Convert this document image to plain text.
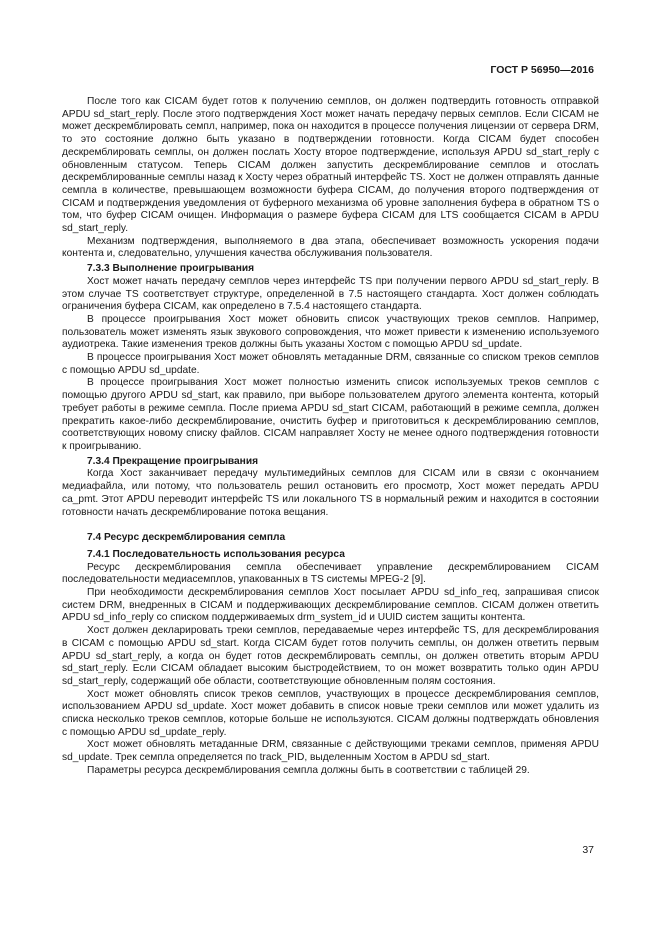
ГОСТ Р 56950—2016

После того как CICAM будет готов к получению семплов, он должен подтвердить готовность отправкой APDU sd_start_reply. После этого подтверждения Хост может начать передачу первых семплов. Если CICAM не может дескремблировать семпл, например, пока он находится в процессе получения лицензии от сервера DRM, то это состояние должно быть указано в подтверждении готовности. Когда CICAM будет способен дескремблировать семплы, он должен послать Хосту второе подтверждение, используя APDU sd_start_reply с обновленным статусом. Теперь CICAM должен запустить дескремблирование семплов и отослать дескремблированные семплы назад к Хосту через обратный интерфейс TS. Хост не должен отправлять данные семпла в количестве, превышающем возможности буфера CICAM, до получения второго подтверждения от CICAM и подтверждения уведомления от буферного механизма об уровне заполнения буфера в обратном TS о том, что буфер CICAM очищен. Информация о размере буфера CICAM для LTS сообщается CICAM в APDU sd_start_reply.

Механизм подтверждения, выполняемого в два этапа, обеспечивает возможность ускорения подачи контента и, следовательно, улучшения качества обслуживания пользователя.

7.3.3 Выполнение проигрывания

Хост может начать передачу семплов через интерфейс TS при получении первого APDU sd_start_reply. В этом случае TS соответствует структуре, определенной в 7.5 настоящего стандарта. Хост должен соблюдать ограничения буфера CICAM, как определено в 7.5.4 настоящего стандарта.

В процессе проигрывания Хост может обновить список участвующих треков семплов. Например, пользователь может изменять язык звукового сопровождения, что может привести к изменению используемого аудиотрека. Такие изменения треков должны быть указаны Хостом с помощью APDU sd_update.

В процессе проигрывания Хост может обновлять метаданные DRM, связанные со списком треков семплов с помощью APDU sd_update.

В процессе проигрывания Хост может полностью изменить список используемых треков семплов с помощью другого APDU sd_start, как правило, при выборе пользователем другого элемента контента, который требует работы в режиме семпла. После приема APDU sd_start CICAM, работающий в режиме семпла, должен прекратить какое-либо дескремблирование, очистить буфер и приготовиться к дескремблированию семплов, соответствующих новому списку файлов. CICAM направляет Хосту не менее одного подтверждения готовности к проигрыванию.

7.3.4 Прекращение проигрывания

Когда Хост заканчивает передачу мультимедийных семплов для CICAM или в связи с окончанием медиафайла, или потому, что пользователь решил остановить его просмотр, Хост может передать APDU ca_pmt. Этот APDU переводит интерфейс TS или локального TS в нормальный режим и находится в состоянии готовности начать дескремблирование потока вещания.

7.4 Ресурс дескремблирования семпла

7.4.1 Последовательность использования ресурса

Ресурс дескремблирования семпла обеспечивает управление дескремблированием CICAM последовательности медиасемплов, упакованных в TS системы MPEG-2 [9].

При необходимости дескремблирования семплов Хост посылает APDU sd_info_req, запрашивая список систем DRM, внедренных в CICAM и поддерживающих дескремблирование семплов. CICAM должен ответить APDU sd_info_reply со списком поддерживаемых drm_system_id и UUID систем защиты контента.

Хост должен декларировать треки семплов, передаваемые через интерфейс TS, для дескремблирования в CICAM с помощью APDU sd_start. Когда CICAM будет готов получить семплы, он должен ответить первым APDU sd_start_reply, а когда он будет готов дескремблировать семплы, он должен ответить вторым APDU sd_start_reply. Если CICAM обладает высоким быстродействием, то он может возвратить только один APDU sd_start_reply, содержащий обе области, соответствующие обновленным полям состояния.

Хост может обновлять список треков семплов, участвующих в процессе дескремблирования семплов, использованием APDU sd_update. Хост может добавить в список новые треки семплов или может удалить из списка несколько треков семплов, которые больше не используются. CICAM должны подтверждать обновления с помощью APDU sd_update_reply.

Хост может обновлять метаданные DRM, связанные с действующими треками семплов, применяя APDU sd_update. Трек семпла определяется по track_PID, выделенным Хостом в APDU sd_start.

Параметры ресурса дескремблирования семпла должны быть в соответствии с таблицей 29.

37
